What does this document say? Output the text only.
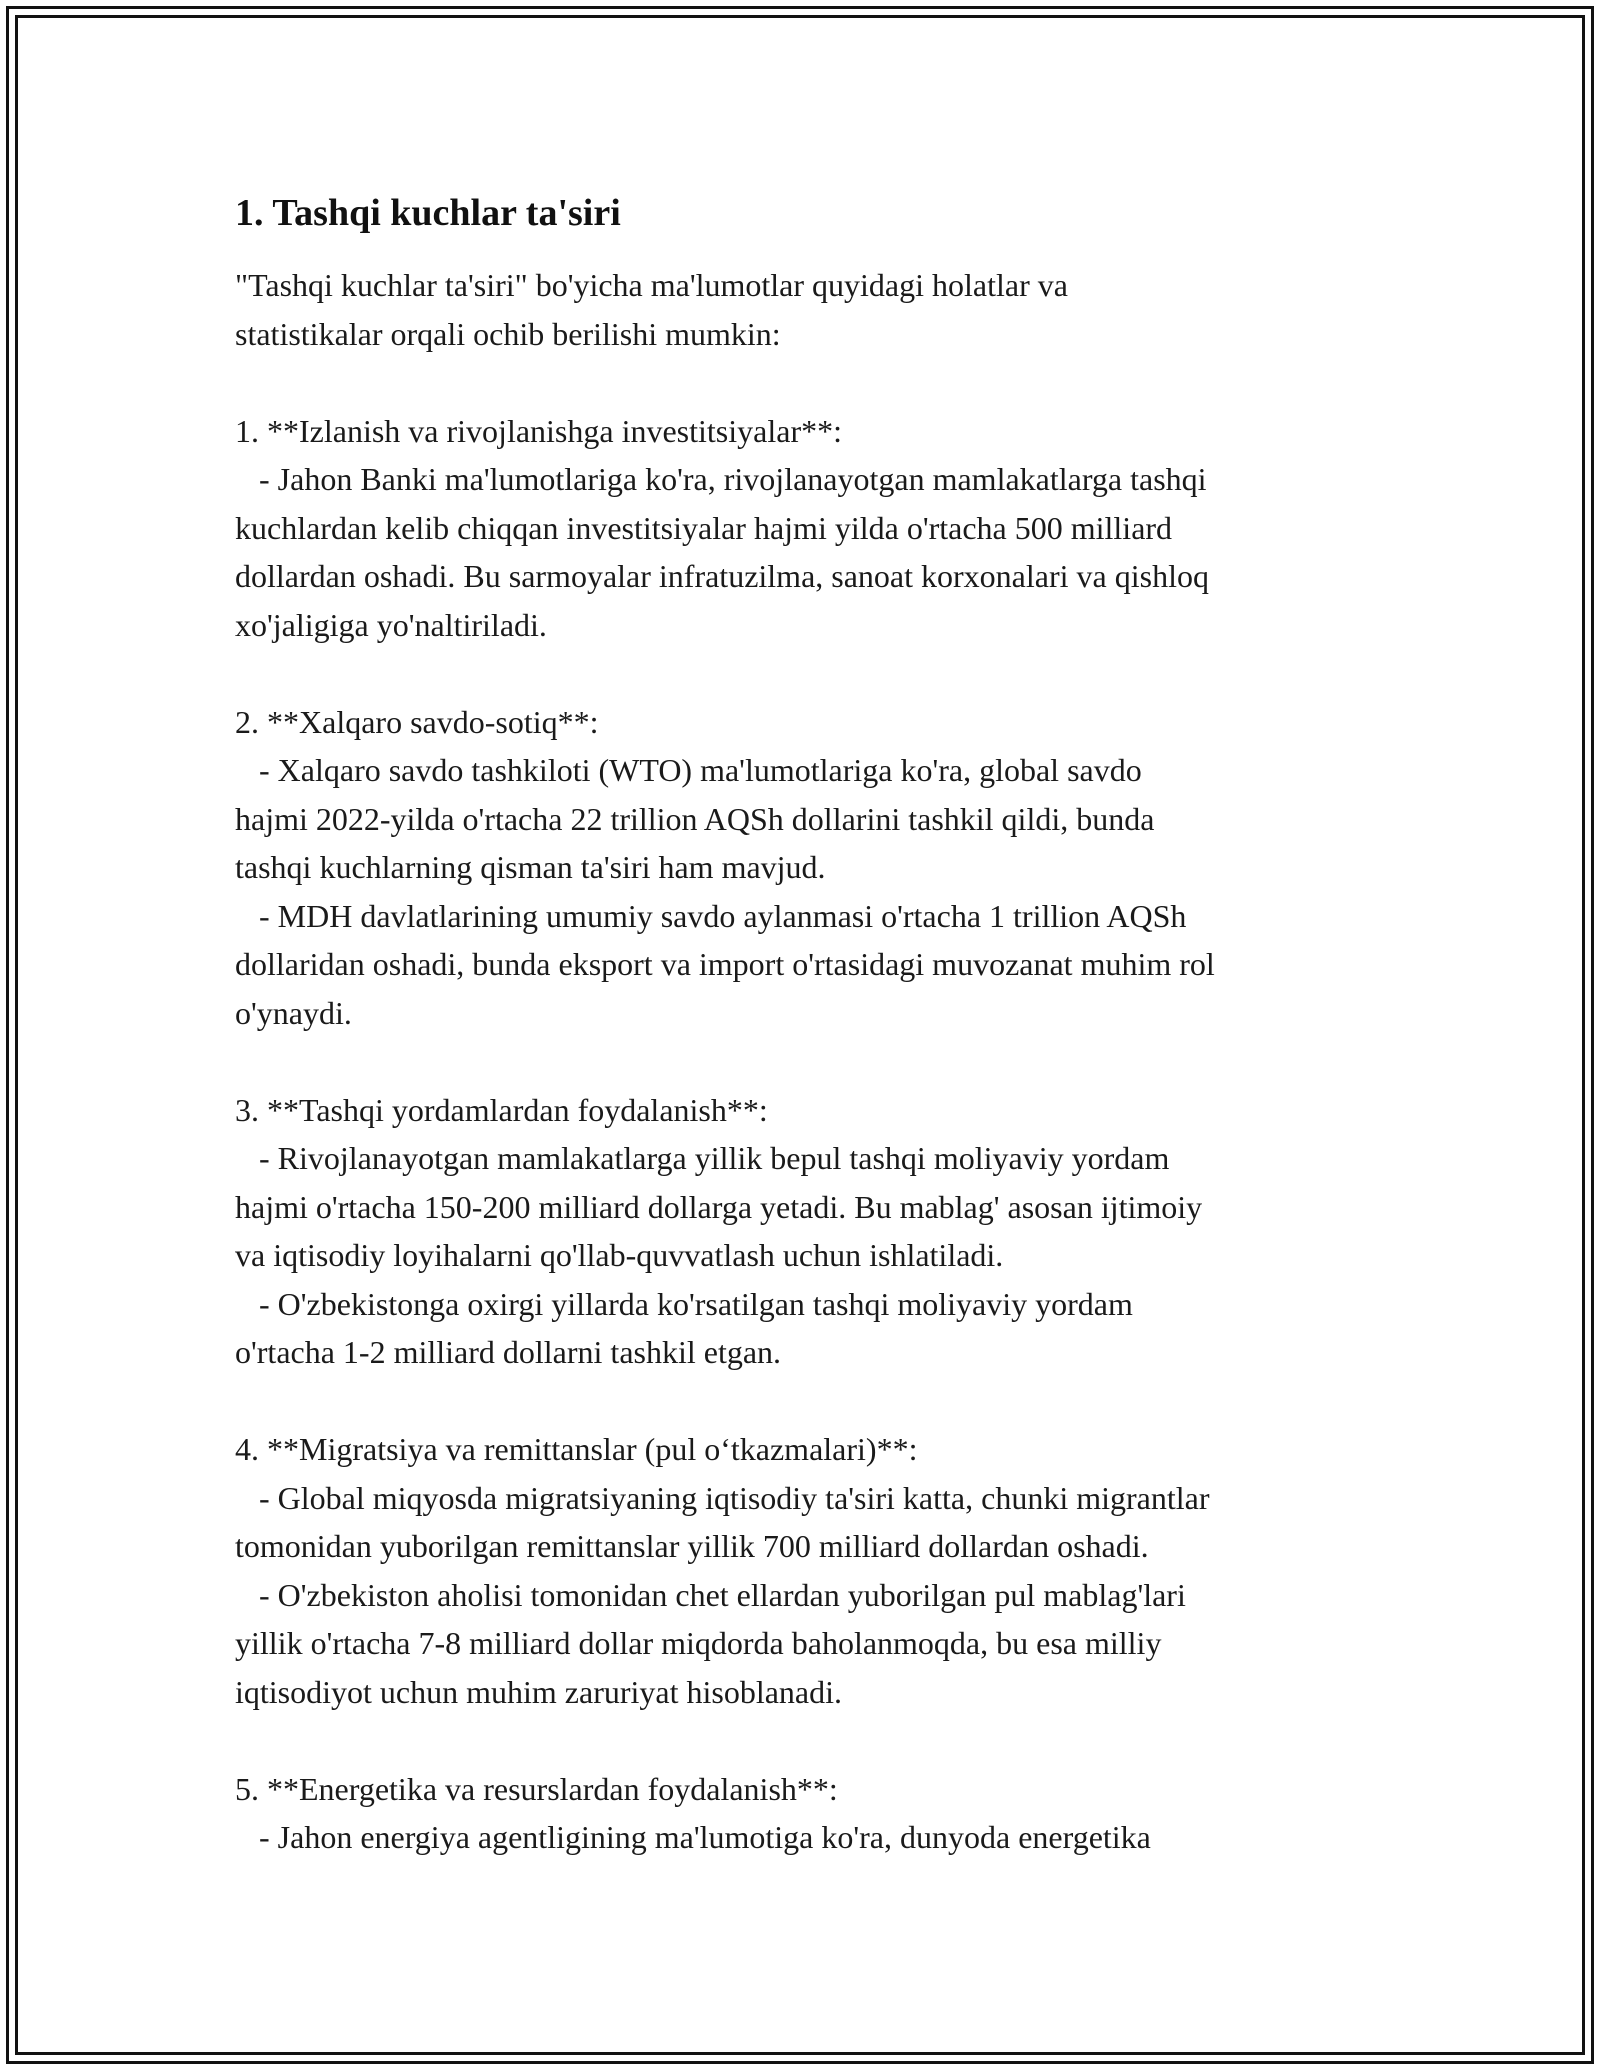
1. Tashqi kuchlar ta'siri
"Tashqi kuchlar ta'siri" bo'yicha ma'lumotlar quyidagi holatlar va
statistikalar orqali ochib berilishi mumkin:
1. **Izlanish va rivojlanishga investitsiyalar**:
- Jahon Banki ma'lumotlariga ko'ra, rivojlanayotgan mamlakatlarga tashqi
kuchlardan kelib chiqqan investitsiyalar hajmi yilda o'rtacha 500 milliard
dollardan oshadi. Bu sarmoyalar infratuzilma, sanoat korxonalari va qishloq
xo'jaligiga yo'naltiriladi.
2. **Xalqaro savdo-sotiq**:
- Xalqaro savdo tashkiloti (WTO) ma'lumotlariga ko'ra, global savdo
hajmi 2022-yilda o'rtacha 22 trillion AQSh dollarini tashkil qildi, bunda
tashqi kuchlarning qisman ta'siri ham mavjud.
- MDH davlatlarining umumiy savdo aylanmasi o'rtacha 1 trillion AQSh
dollaridan oshadi, bunda eksport va import o'rtasidagi muvozanat muhim rol
o'ynaydi.
3. **Tashqi yordamlardan foydalanish**:
- Rivojlanayotgan mamlakatlarga yillik bepul tashqi moliyaviy yordam
hajmi o'rtacha 150-200 milliard dollarga yetadi. Bu mablag' asosan ijtimoiy
va iqtisodiy loyihalarni qo'llab-quvvatlash uchun ishlatiladi.
- O'zbekistonga oxirgi yillarda ko'rsatilgan tashqi moliyaviy yordam
o'rtacha 1-2 milliard dollarni tashkil etgan.
4. **Migratsiya va remittanslar (pul o‘tkazmalari)**:
- Global miqyosda migratsiyaning iqtisodiy ta'siri katta, chunki migrantlar
tomonidan yuborilgan remittanslar yillik 700 milliard dollardan oshadi.
- O'zbekiston aholisi tomonidan chet ellardan yuborilgan pul mablag'lari
yillik o'rtacha 7-8 milliard dollar miqdorda baholanmoqda, bu esa milliy
iqtisodiyot uchun muhim zaruriyat hisoblanadi.
5. **Energetika va resurslardan foydalanish**:
- Jahon energiya agentligining ma'lumotiga ko'ra, dunyoda energetika
